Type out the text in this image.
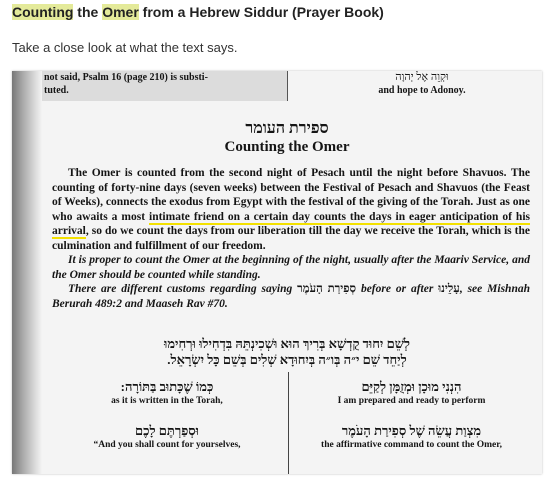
Counting the Omer from a Hebrew Siddur (Prayer Book)
Take a close look at what the text says.
not said, Psalm 16 (page 210) is substi-
tuted.
וּקְוֵה אֶל יְהוָה
and hope to Adonoy.
ספירת העומר
Counting the Omer

The Omer is counted from the second night of Pesach until the night before Shavuos. The counting of forty-nine days (seven weeks) between the Festival of Pesach and Shavuos (the Feast of Weeks), connects the exodus from Egypt with the festival of the giving of the Torah. Just as one who awaits a most intimate friend on a certain day counts the days in eager anticipation of his arrival, so do we count the days from our liberation till the day we receive the Torah, which is the culmination and fulfillment of our freedom.

It is proper to count the Omer at the beginning of the night, usually after the Maariv Service, and the Omer should be counted while standing.

There are different customs regarding saying סְפִירַת הָעֹמֶר before or after עָלֵינוּ, see Mishnah Berurah 489:2 and Maaseh Rav #70.

לְשֵׁם יִחוּד קֻדְשָׁא בְּרִיךְ הוּא וּשְׁכִינְתֵּהּ בִּדְחִילוּ וּרְחִימוּ
לְיַחֵד שֵׁם י״ה בְּו״ה בְּיִחוּדָא שְׁלִים בְּשֵׁם כָּל יִשְׂרָאֵל.
כְּמוֹ שֶׁכָּתוּב בַּתּוֹרָה:
as it is written in the Torah,
הִנְנִי מוּכָן וּמְזֻמָּן לְקַיֵּם
I am prepared and ready to perform
וּסְפַרְתֶּם לָכֶם
“And you shall count for yourselves,
מִצְוַת עֲשֵׂה שֶׁל סְפִירַת הָעֹמֶר
the affirmative command to count the Omer,
